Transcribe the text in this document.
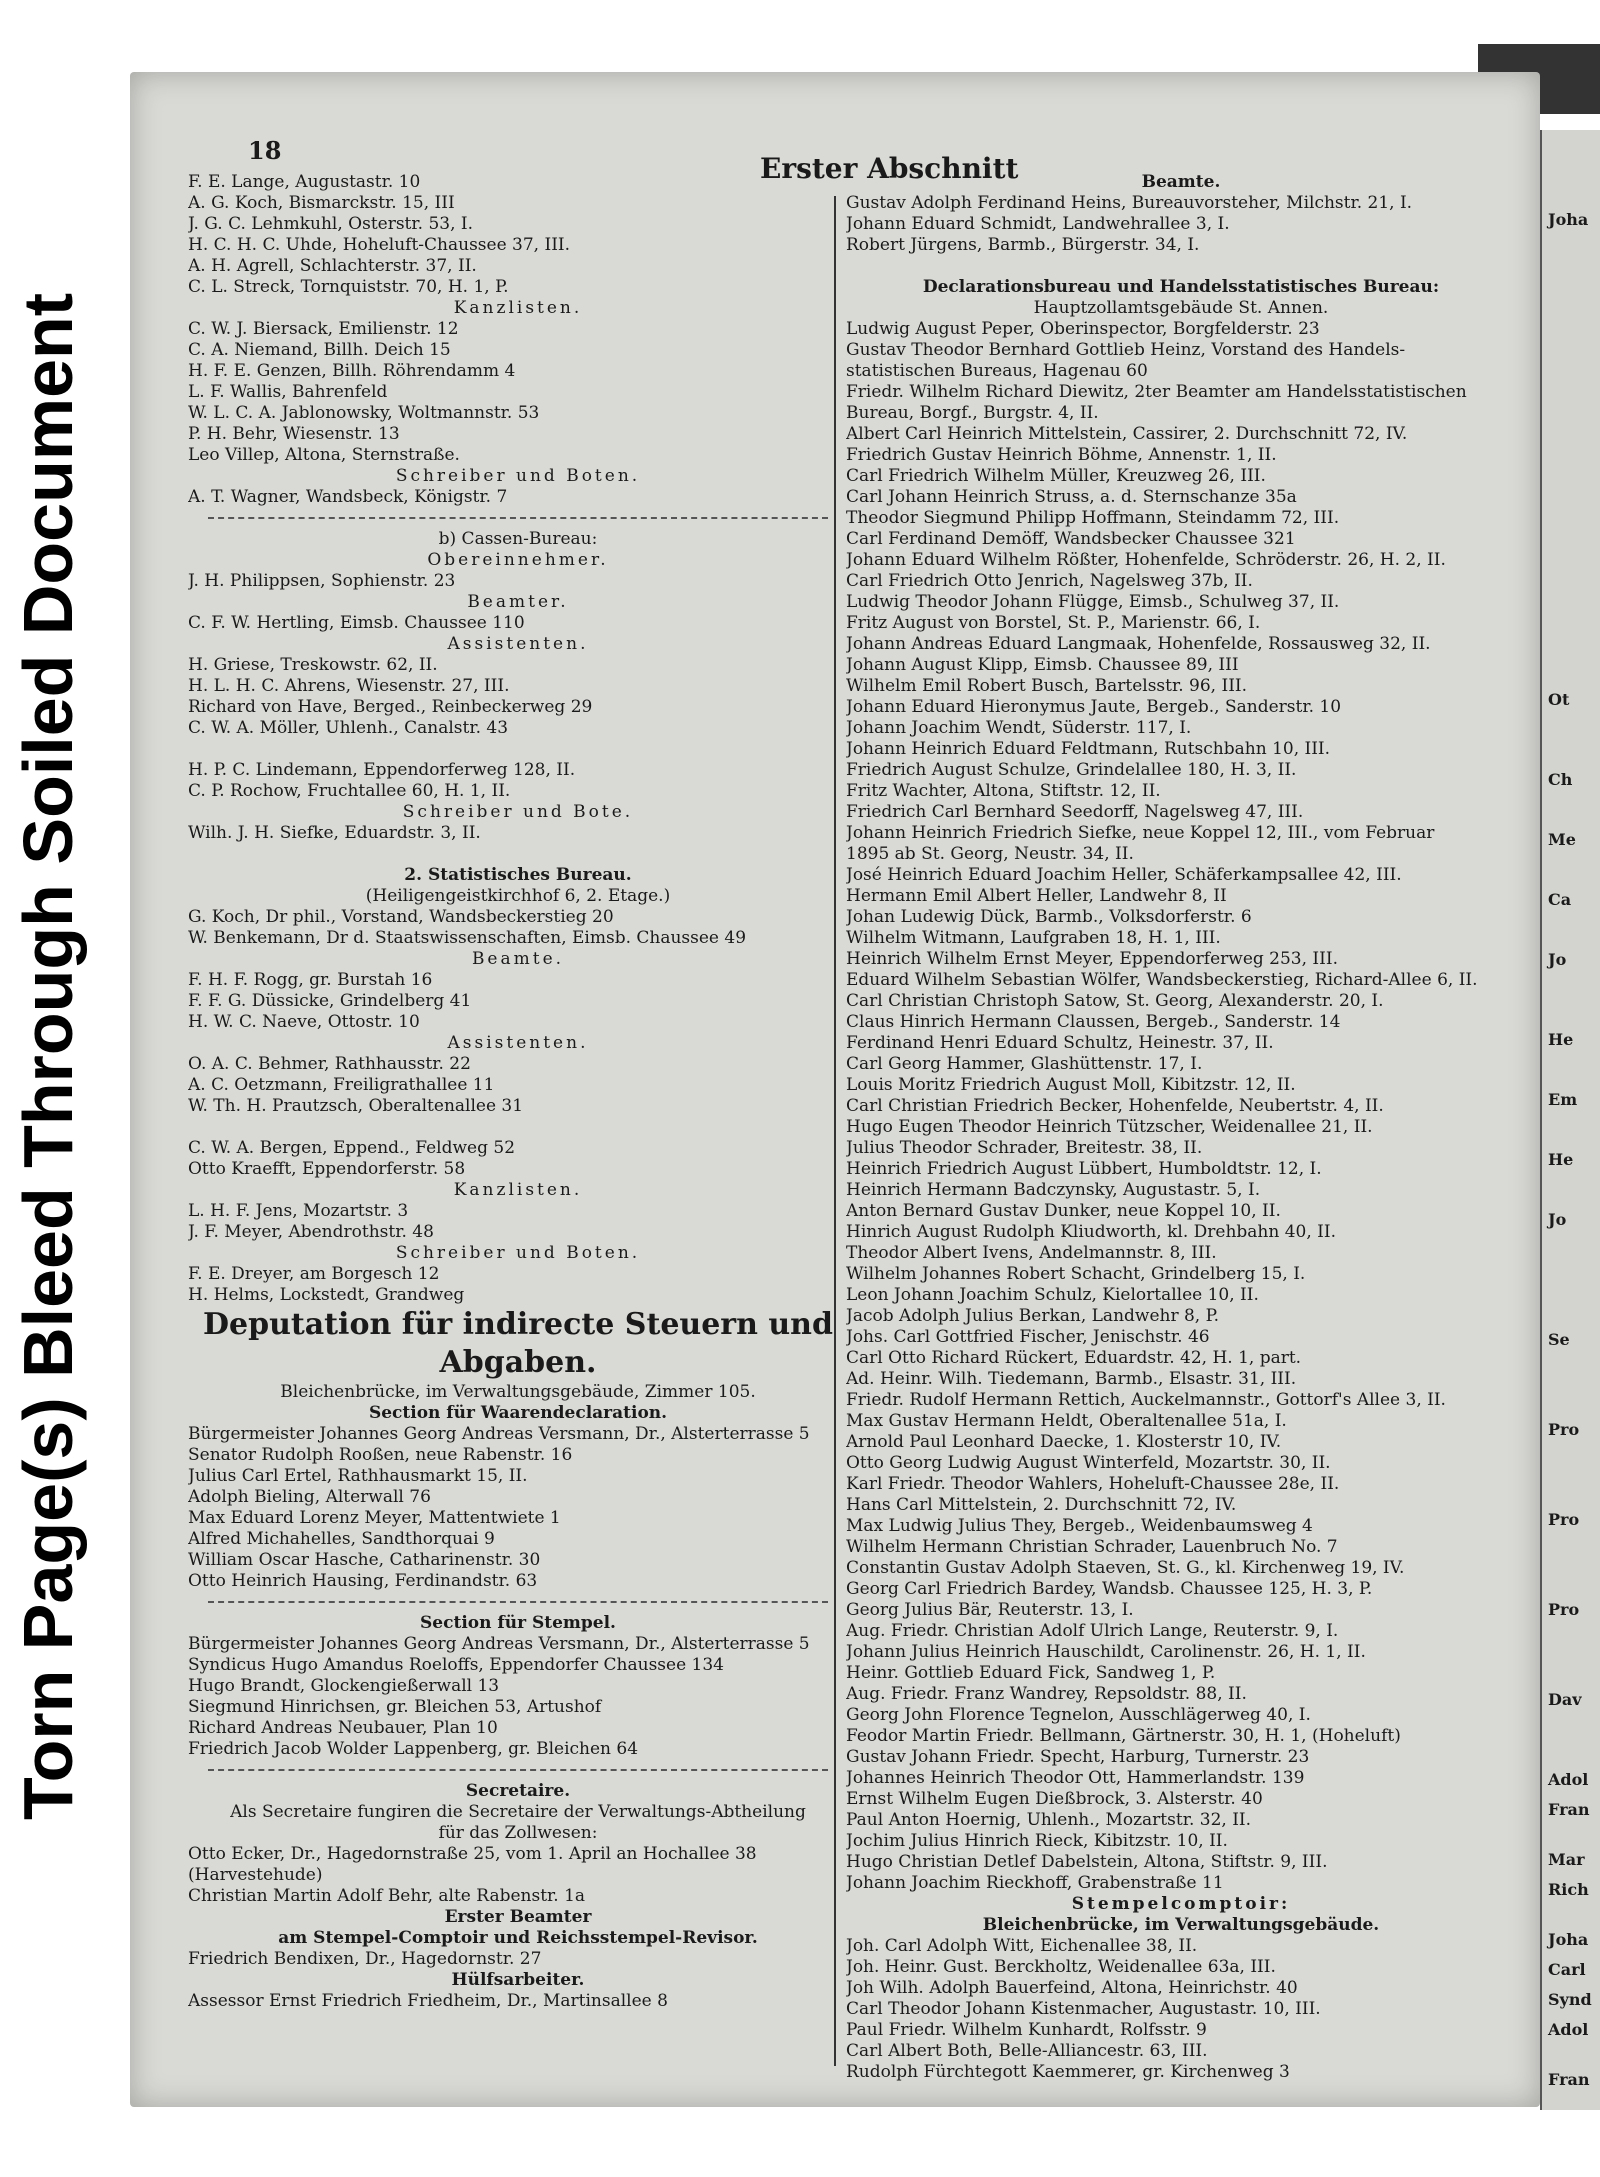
Torn Page(s) Bleed Through Soiled Document
18
Erster Abschnitt
F. E. Lange, Augustastr. 10
A. G. Koch, Bismarckstr. 15, III
J. G. C. Lehmkuhl, Osterstr. 53, I.
H. C. H. C. Uhde, Hoheluft-Chaussee 37, III.
A. H. Agrell, Schlachterstr. 37, II.
C. L. Streck, Tornquiststr. 70, H. 1, P.
Kanzlisten.
C. W. J. Biersack, Emilienstr. 12
C. A. Niemand, Billh. Deich 15
H. F. E. Genzen, Billh. Röhrendamm 4
L. F. Wallis, Bahrenfeld
W. L. C. A. Jablonowsky, Woltmannstr. 53
P. H. Behr, Wiesenstr. 13
Leo Villep, Altona, Sternstraße.
Schreiber und Boten.
A. T. Wagner, Wandsbeck, Königstr. 7

b) Cassen-Bureau:
Obereinnehmer.
J. H. Philippsen, Sophienstr. 23
Beamter.
C. F. W. Hertling, Eimsb. Chaussee 110
Assistenten.
H. Griese, Treskowstr. 62, II.
H. L. H. C. Ahrens, Wiesenstr. 27, III.
Richard von Have, Berged., Reinbeckerweg 29
C. W. A. Möller, Uhlenh., Canalstr. 43

H. P. C. Lindemann, Eppendorferweg 128, II.
C. P. Rochow, Fruchtallee 60, H. 1, II.
Schreiber und Bote.
Wilh. J. H. Siefke, Eduardstr. 3, II.

2. Statistisches Bureau.
(Heiligengeistkirchhof 6, 2. Etage.)
G. Koch, Dr phil., Vorstand, Wandsbeckerstieg 20
W. Benkemann, Dr d. Staatswissenschaften, Eimsb. Chaussee 49
Beamte.
F. H. F. Rogg, gr. Burstah 16
F. F. G. Düssicke, Grindelberg 41
H. W. C. Naeve, Ottostr. 10
Assistenten.
O. A. C. Behmer, Rathhausstr. 22
A. C. Oetzmann, Freiligrathallee 11
W. Th. H. Prautzsch, Oberaltenallee 31

C. W. A. Bergen, Eppend., Feldweg 52
Otto Kraefft, Eppendorferstr. 58
Kanzlisten.
L. H. F. Jens, Mozartstr. 3
J. F. Meyer, Abendrothstr. 48
Schreiber und Boten.
F. E. Dreyer, am Borgesch 12
H. Helms, Lockstedt, Grandweg
Deputation für indirecte Steuern und
Abgaben.
Bleichenbrücke, im Verwaltungsgebäude, Zimmer 105.
Section für Waarendeclaration.
Bürgermeister Johannes Georg Andreas Versmann, Dr., Alsterterrasse 5
Senator Rudolph Rooßen, neue Rabenstr. 16
Julius Carl Ertel, Rathhausmarkt 15, II.
Adolph Bieling, Alterwall 76
Max Eduard Lorenz Meyer, Mattentwiete 1
Alfred Michahelles, Sandthorquai 9
William Oscar Hasche, Catharinenstr. 30
Otto Heinrich Hausing, Ferdinandstr. 63

Section für Stempel.
Bürgermeister Johannes Georg Andreas Versmann, Dr., Alsterterrasse 5
Syndicus Hugo Amandus Roeloffs, Eppendorfer Chaussee 134
Hugo Brandt, Glockengießerwall 13
Siegmund Hinrichsen, gr. Bleichen 53, Artushof
Richard Andreas Neubauer, Plan 10
Friedrich Jacob Wolder Lappenberg, gr. Bleichen 64

Secretaire.
Als Secretaire fungiren die Secretaire der Verwaltungs-Abtheilung
für das Zollwesen:
Otto Ecker, Dr., Hagedornstraße 25, vom 1. April an Hochallee 38
(Harvestehude)
Christian Martin Adolf Behr, alte Rabenstr. 1a
Erster Beamter
am Stempel-Comptoir und Reichsstempel-Revisor.
Friedrich Bendixen, Dr., Hagedornstr. 27
Hülfsarbeiter.
Assessor Ernst Friedrich Friedheim, Dr., Martinsallee 8
Beamte.
Gustav Adolph Ferdinand Heins, Bureauvorsteher, Milchstr. 21, I.
Johann Eduard Schmidt, Landwehrallee 3, I.
Robert Jürgens, Barmb., Bürgerstr. 34, I.

Declarationsbureau und Handelsstatistisches Bureau:
Hauptzollamtsgebäude St. Annen.
Ludwig August Peper, Oberinspector, Borgfelderstr. 23
Gustav Theodor Bernhard Gottlieb Heinz, Vorstand des Handels-
statistischen Bureaus, Hagenau 60
Friedr. Wilhelm Richard Diewitz, 2ter Beamter am Handelsstatistischen
Bureau, Borgf., Burgstr. 4, II.
Albert Carl Heinrich Mittelstein, Cassirer, 2. Durchschnitt 72, IV.
Friedrich Gustav Heinrich Böhme, Annenstr. 1, II.
Carl Friedrich Wilhelm Müller, Kreuzweg 26, III.
Carl Johann Heinrich Struss, a. d. Sternschanze 35a
Theodor Siegmund Philipp Hoffmann, Steindamm 72, III.
Carl Ferdinand Demöff, Wandsbecker Chaussee 321
Johann Eduard Wilhelm Rößter, Hohenfelde, Schröderstr. 26, H. 2, II.
Carl Friedrich Otto Jenrich, Nagelsweg 37b, II.
Ludwig Theodor Johann Flügge, Eimsb., Schulweg 37, II.
Fritz August von Borstel, St. P., Marienstr. 66, I.
Johann Andreas Eduard Langmaak, Hohenfelde, Rossausweg 32, II.
Johann August Klipp, Eimsb. Chaussee 89, III
Wilhelm Emil Robert Busch, Bartelsstr. 96, III.
Johann Eduard Hieronymus Jaute, Bergeb., Sanderstr. 10
Johann Joachim Wendt, Süderstr. 117, I.
Johann Heinrich Eduard Feldtmann, Rutschbahn 10, III.
Friedrich August Schulze, Grindelallee 180, H. 3, II.
Fritz Wachter, Altona, Stiftstr. 12, II.
Friedrich Carl Bernhard Seedorff, Nagelsweg 47, III.
Johann Heinrich Friedrich Siefke, neue Koppel 12, III., vom Februar
1895 ab St. Georg, Neustr. 34, II.
José Heinrich Eduard Joachim Heller, Schäferkampsallee 42, III.
Hermann Emil Albert Heller, Landwehr 8, II
Johan Ludewig Dück, Barmb., Volksdorferstr. 6
Wilhelm Witmann, Laufgraben 18, H. 1, III.
Heinrich Wilhelm Ernst Meyer, Eppendorferweg 253, III.
Eduard Wilhelm Sebastian Wölfer, Wandsbeckerstieg, Richard-Allee 6, II.
Carl Christian Christoph Satow, St. Georg, Alexanderstr. 20, I.
Claus Hinrich Hermann Claussen, Bergeb., Sanderstr. 14
Ferdinand Henri Eduard Schultz, Heinestr. 37, II.
Carl Georg Hammer, Glashüttenstr. 17, I.
Louis Moritz Friedrich August Moll, Kibitzstr. 12, II.
Carl Christian Friedrich Becker, Hohenfelde, Neubertstr. 4, II.
Hugo Eugen Theodor Heinrich Tützscher, Weidenallee 21, II.
Julius Theodor Schrader, Breitestr. 38, II.
Heinrich Friedrich August Lübbert, Humboldtstr. 12, I.
Heinrich Hermann Badczynsky, Augustastr. 5, I.
Anton Bernard Gustav Dunker, neue Koppel 10, II.
Hinrich August Rudolph Kliudworth, kl. Drehbahn 40, II.
Theodor Albert Ivens, Andelmannstr. 8, III.
Wilhelm Johannes Robert Schacht, Grindelberg 15, I.
Leon Johann Joachim Schulz, Kielortallee 10, II.
Jacob Adolph Julius Berkan, Landwehr 8, P.
Johs. Carl Gottfried Fischer, Jenischstr. 46
Carl Otto Richard Rückert, Eduardstr. 42, H. 1, part.
Ad. Heinr. Wilh. Tiedemann, Barmb., Elsastr. 31, III.
Friedr. Rudolf Hermann Rettich, Auckelmannstr., Gottorf's Allee 3, II.
Max Gustav Hermann Heldt, Oberaltenallee 51a, I.
Arnold Paul Leonhard Daecke, 1. Klosterstr 10, IV.
Otto Georg Ludwig August Winterfeld, Mozartstr. 30, II.
Karl Friedr. Theodor Wahlers, Hoheluft-Chaussee 28e, II.
Hans Carl Mittelstein, 2. Durchschnitt 72, IV.
Max Ludwig Julius They, Bergeb., Weidenbaumsweg 4
Wilhelm Hermann Christian Schrader, Lauenbruch No. 7
Constantin Gustav Adolph Staeven, St. G., kl. Kirchenweg 19, IV.
Georg Carl Friedrich Bardey, Wandsb. Chaussee 125, H. 3, P.
Georg Julius Bär, Reuterstr. 13, I.
Aug. Friedr. Christian Adolf Ulrich Lange, Reuterstr. 9, I.
Johann Julius Heinrich Hauschildt, Carolinenstr. 26, H. 1, II.
Heinr. Gottlieb Eduard Fick, Sandweg 1, P.
Aug. Friedr. Franz Wandrey, Repsoldstr. 88, II.
Georg John Florence Tegnelon, Ausschlägerweg 40, I.
Feodor Martin Friedr. Bellmann, Gärtnerstr. 30, H. 1, (Hoheluft)
Gustav Johann Friedr. Specht, Harburg, Turnerstr. 23
Johannes Heinrich Theodor Ott, Hammerlandstr. 139
Ernst Wilhelm Eugen Dießbrock, 3. Alsterstr. 40
Paul Anton Hoernig, Uhlenh., Mozartstr. 32, II.
Jochim Julius Hinrich Rieck, Kibitzstr. 10, II.
Hugo Christian Detlef Dabelstein, Altona, Stiftstr. 9, III.
Johann Joachim Rieckhoff, Grabenstraße 11
Stempelcomptoir:
Bleichenbrücke, im Verwaltungsgebäude.
Joh. Carl Adolph Witt, Eichenallee 38, II.
Joh. Heinr. Gust. Berckholtz, Weidenallee 63a, III.
Joh Wilh. Adolph Bauerfeind, Altona, Heinrichstr. 40
Carl Theodor Johann Kistenmacher, Augustastr. 10, III.
Paul Friedr. Wilhelm Kunhardt, Rolfsstr. 9
Carl Albert Both, Belle-Alliancestr. 63, III.
Rudolph Fürchtegott Kaemmerer, gr. Kirchenweg 3
Joha
Ot
Ch
Me
Ca
Jo
He
Em
He
Jo
Se
Pro
Pro
Pro
Dav
Adol
Fran
Mar
Rich
Joha
Carl
Synd
Adol
Fran
